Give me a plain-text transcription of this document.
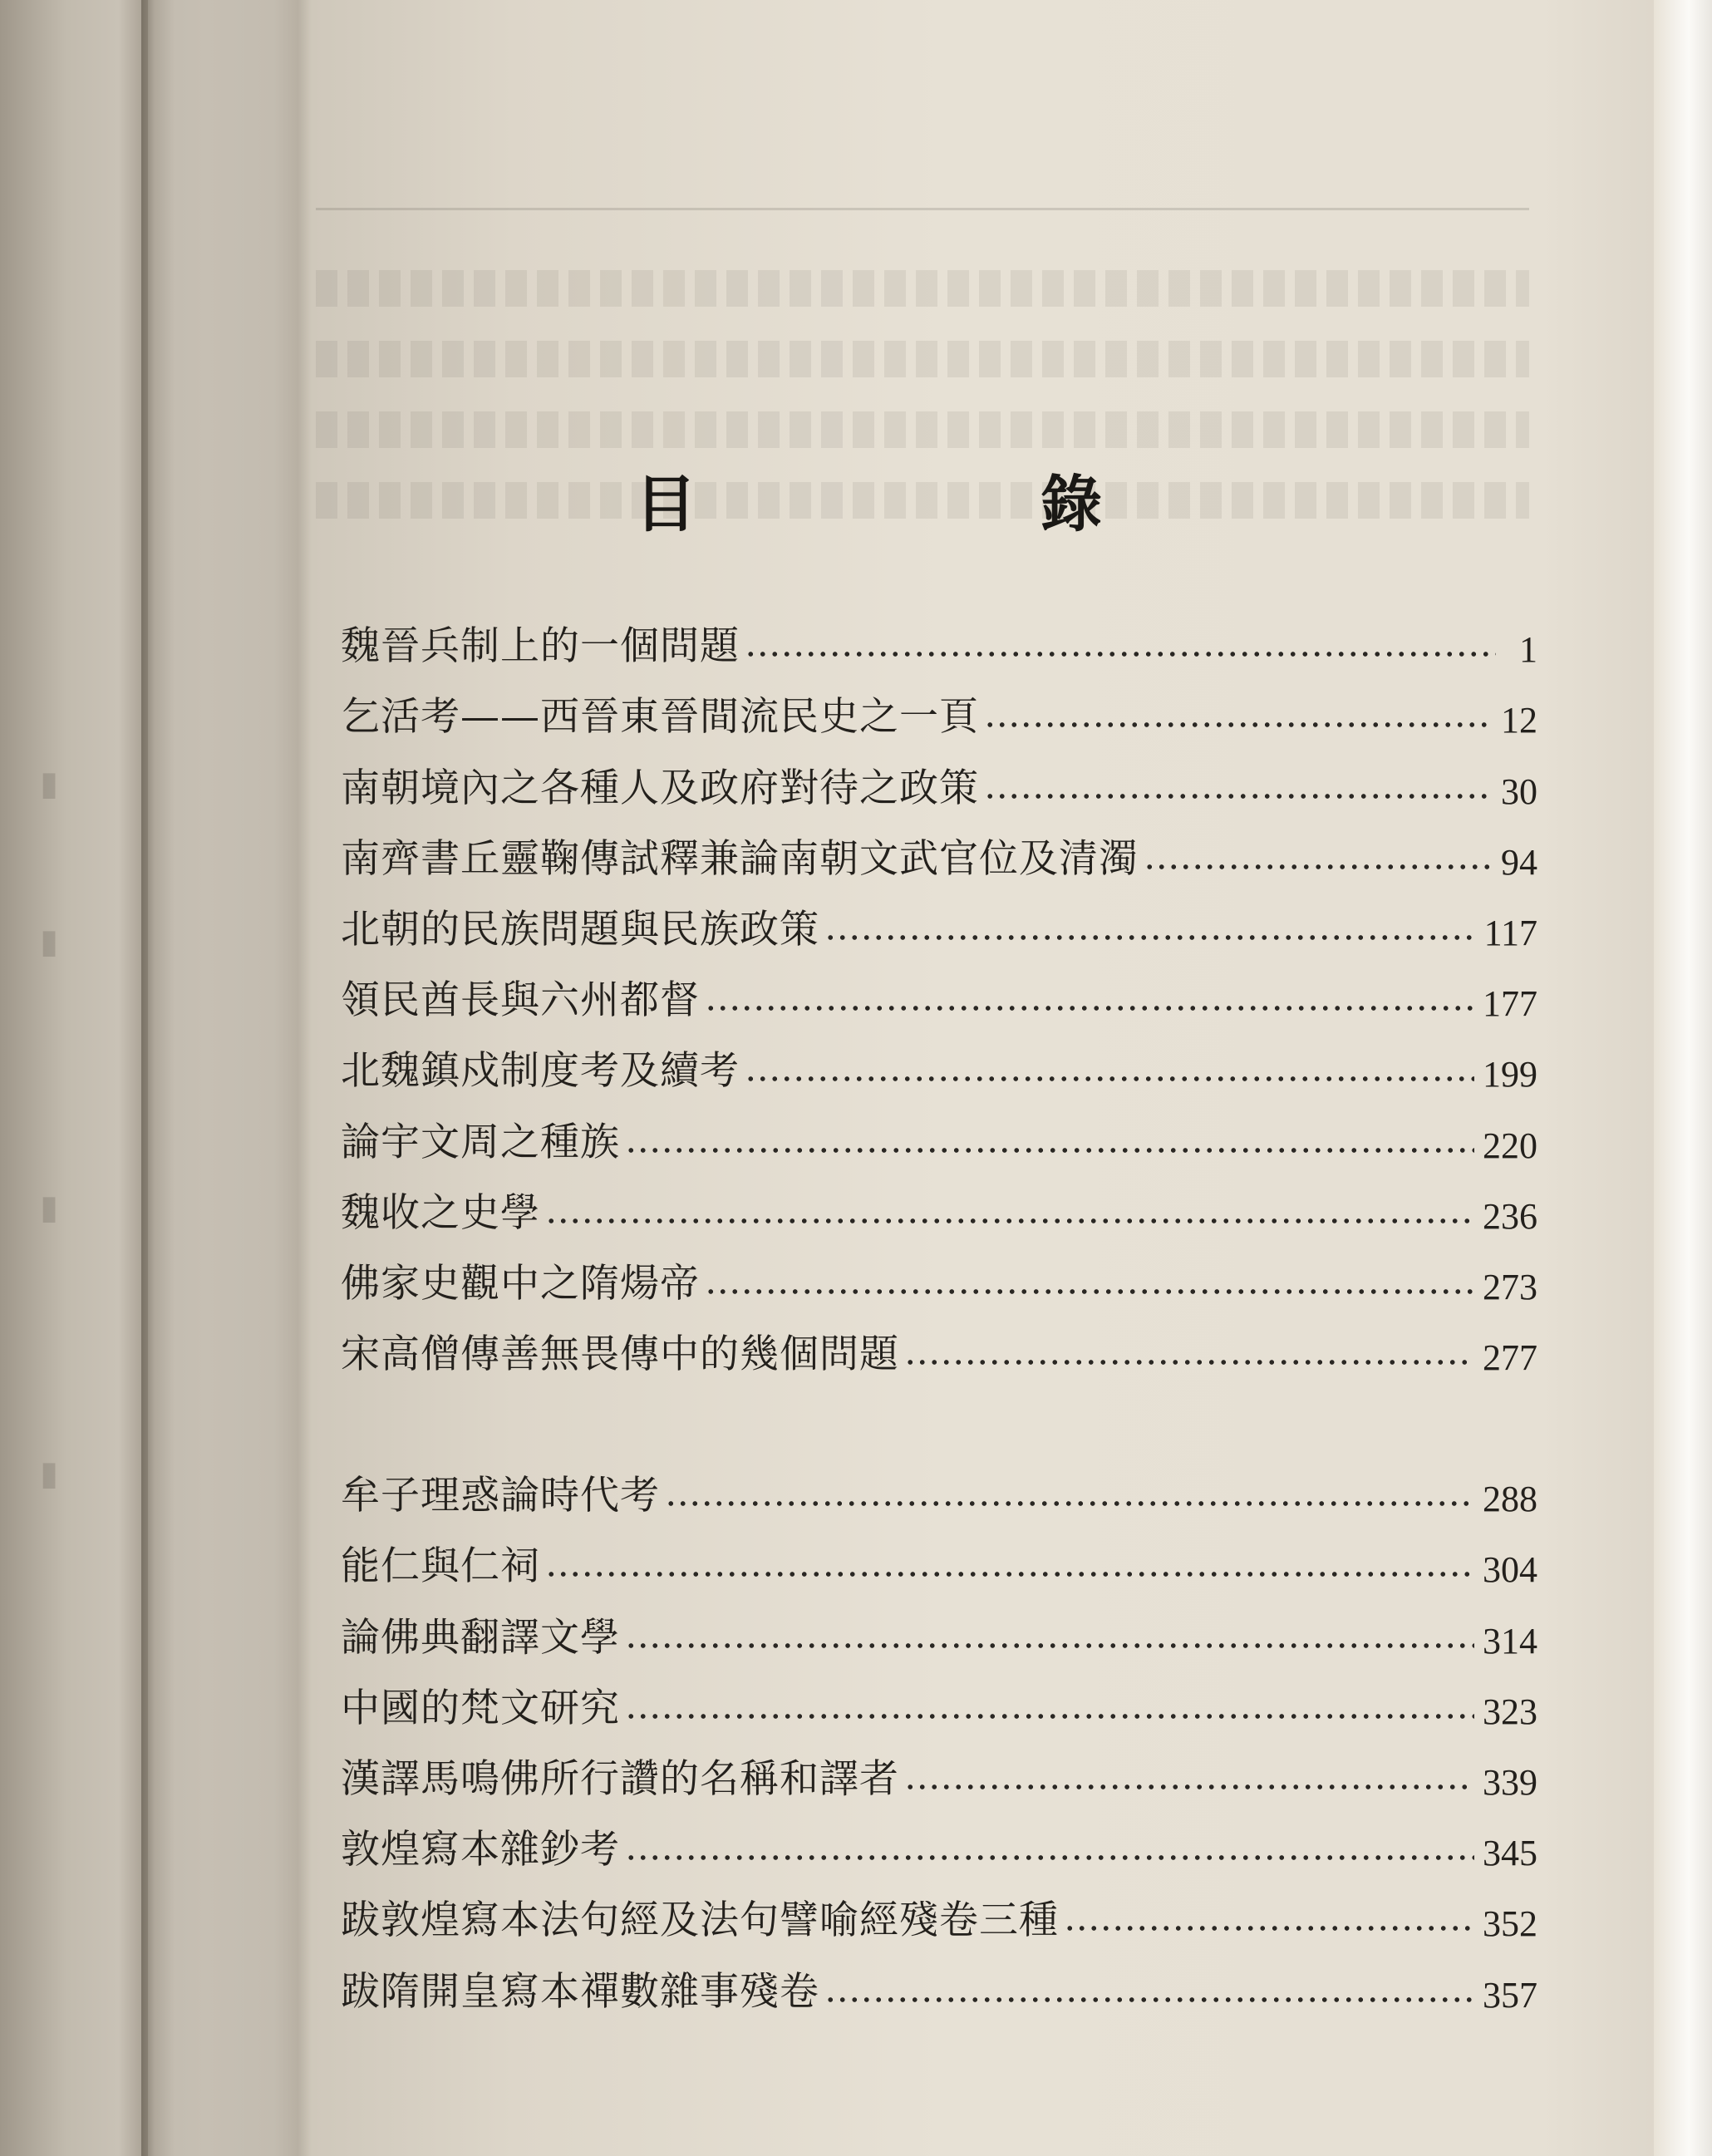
▮
▮
▮
▮
目　錄
魏晉兵制上的一個問題	1
乞活考——西晉東晉間流民史之一頁	12
南朝境內之各種人及政府對待之政策	30
南齊書丘靈鞠傳試釋兼論南朝文武官位及清濁	94
北朝的民族問題與民族政策	117
領民酋長與六州都督	177
北魏鎮戍制度考及續考	199
論宇文周之種族	220
魏收之史學	236
佛家史觀中之隋煬帝	273
宋高僧傳善無畏傳中的幾個問題	277
牟子理惑論時代考	288
能仁與仁祠	304
論佛典翻譯文學	314
中國的梵文研究	323
漢譯馬鳴佛所行讚的名稱和譯者	339
敦煌寫本雜鈔考	345
跋敦煌寫本法句經及法句譬喻經殘卷三種	352
跋隋開皇寫本禪數雜事殘卷	357
